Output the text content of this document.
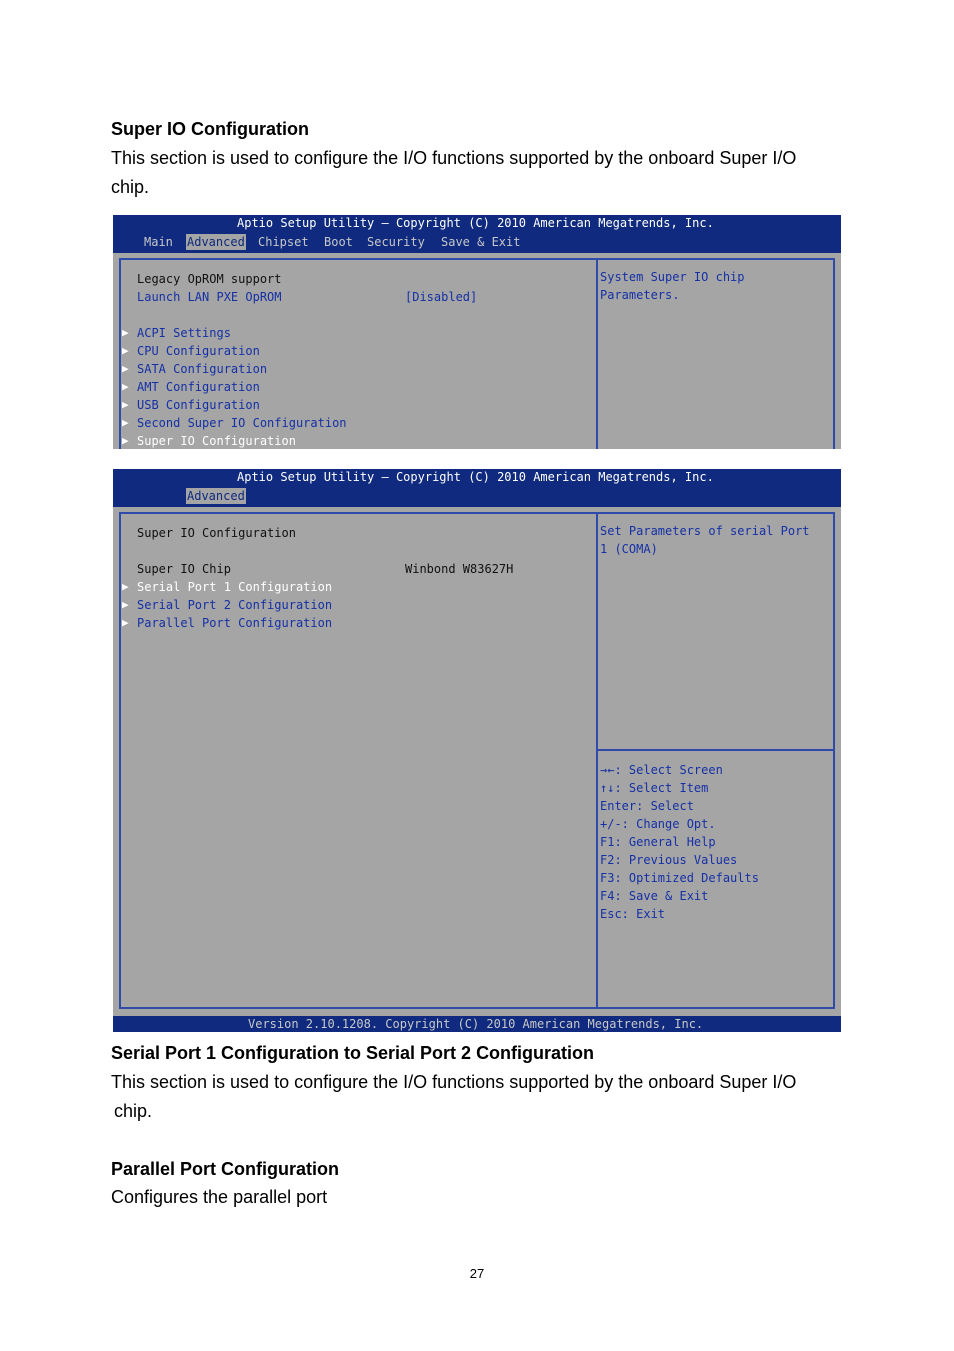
Super IO Configuration
This section is used to configure the I/O functions supported by the onboard Super I/O
chip.
Aptio Setup Utility – Copyright (C) 2010 American Megatrends, Inc.
Main Advanced Chipset Boot Security Save & Exit
Legacy OpROM support
Launch LAN PXE OpROM	[Disabled]
▶ ACPI Settings
▶ CPU Configuration
▶ SATA Configuration
▶ AMT Configuration
▶ USB Configuration
▶ Second Super IO Configuration
▶ Super IO Configuration
System Super IO chip
Parameters.
Aptio Setup Utility – Copyright (C) 2010 American Megatrends, Inc.
Advanced
Super IO Configuration
Super IO Chip	Winbond W83627H
▶ Serial Port 1 Configuration
▶ Serial Port 2 Configuration
▶ Parallel Port Configuration
Set Parameters of serial Port
1 (COMA)
→←: Select Screen
↑↓: Select Item
Enter: Select
+/-: Change Opt.
F1: General Help
F2: Previous Values
F3: Optimized Defaults
F4: Save & Exit
Esc: Exit
Version 2.10.1208. Copyright (C) 2010 American Megatrends, Inc.
Serial Port 1 Configuration to Serial Port 2 Configuration
This section is used to configure the I/O functions supported by the onboard Super I/O
chip.
Parallel Port Configuration
Configures the parallel port
27
